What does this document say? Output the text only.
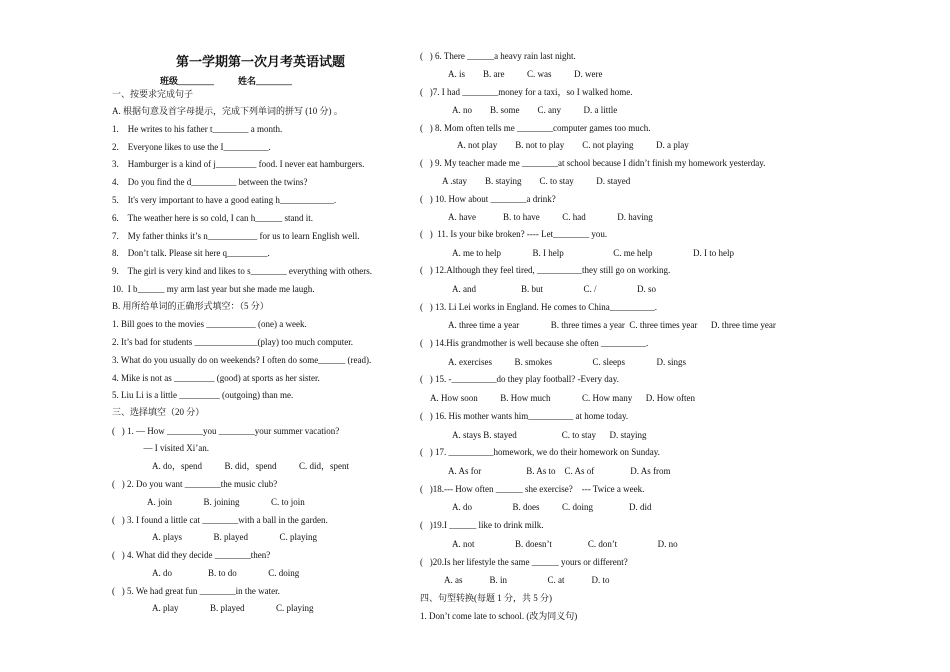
第一学期第一次月考英语试题
班级________	姓名________
一、按要求完成句子
A. 根据句意及首字母提示，完成下列单词的拼写 (10 分) 。
1.    He writes to his father t________ a month.
2.    Everyone likes to use the I__________.
3.    Hamburger is a kind of j_________ food. I never eat hamburgers.
4.    Do you find the d__________ between the twins?
5.    It's very important to have a good eating h____________.
6.    The weather here is so cold, I can h______ stand it.
7.    My father thinks it’s n___________ for us to learn English well.
8.    Don’t talk. Please sit here q_________.
9.    The girl is very kind and likes to s________ everything with others.
10.  I b______ my arm last year but she made me laugh.
B. 用所给单词的正确形式填空：（5 分）
1. Bill goes to the movies ___________ (one) a week.
2. It’s bad for students ______________(play) too much computer.
3. What do you usually do on weekends? I often do some______ (read).
4. Mike is not as _________ (good) at sports as her sister.
5. Liu Li is a little _________ (outgoing) than me.
三、选择填空（20 分）
(   ) 1. — How ________you ________your summer vacation?
— I visited Xi’an.
A. do，spend          B. did，spend          C. did，spent
(   ) 2. Do you want ________the music club?
A. join              B. joining              C. to join
(   ) 3. I found a little cat ________with a ball in the garden.
A. plays              B. played              C. playing
(   ) 4. What did they decide ________then?
A. do                B. to do              C. doing
(   ) 5. We had great fun ________in the water.
A. play              B. played              C. playing
(   ) 6. There ______a heavy rain last night.
A. is        B. are          C. was          D. were
(   )7. I had ________money for a taxi，so I walked home.
A. no        B. some        C. any          D. a little
(   ) 8. Mom often tells me ________computer games too much.
A. not play        B. not to play        C. not playing          D. a play
(   ) 9. My teacher made me ________at school because I didn’t finish my homework yesterday.
A .stay        B. staying        C. to stay          D. stayed
(   ) 10. How about ________a drink?
A. have            B. to have          C. had              D. having
(   )  11. Is your bike broken? ---- Let________ you.
A. me to help              B. I help                      C. me help                  D. I to help
(   ) 12.Although they feel tired, __________they still go on working.
A. and                    B. but                  C. /                  D. so
(   ) 13. Li Lei works in England. He comes to China__________.
A. three time a year              B. three times a year  C. three times year      D. three time year
(   ) 14.His grandmother is well because she often __________.
A. exercises          B. smokes                  C. sleeps              D. sings
(   ) 15. -__________do they play football? -Every day.
A. How soon          B. How much              C. How many      D. How often
(   ) 16. His mother wants him__________ at home today.
A. stays B. stayed                    C. to stay      D. staying
(   ) 17. __________homework, we do their homework on Sunday.
A. As for                    B. As to    C. As of                D. As from
(   )18.--- How often ______ she exercise?    --- Twice a week.
A. do                  B. does          C. doing                D. did
(   )19.I ______ like to drink milk.
A. not                  B. doesn’t                C. don’t                  D. no
(   )20.Is her lifestyle the same ______ yours or different?
A. as            B. in                  C. at            D. to
四、句型转换(每题 1 分，共 5 分)
1. Don’t come late to school. (改为同义句)
